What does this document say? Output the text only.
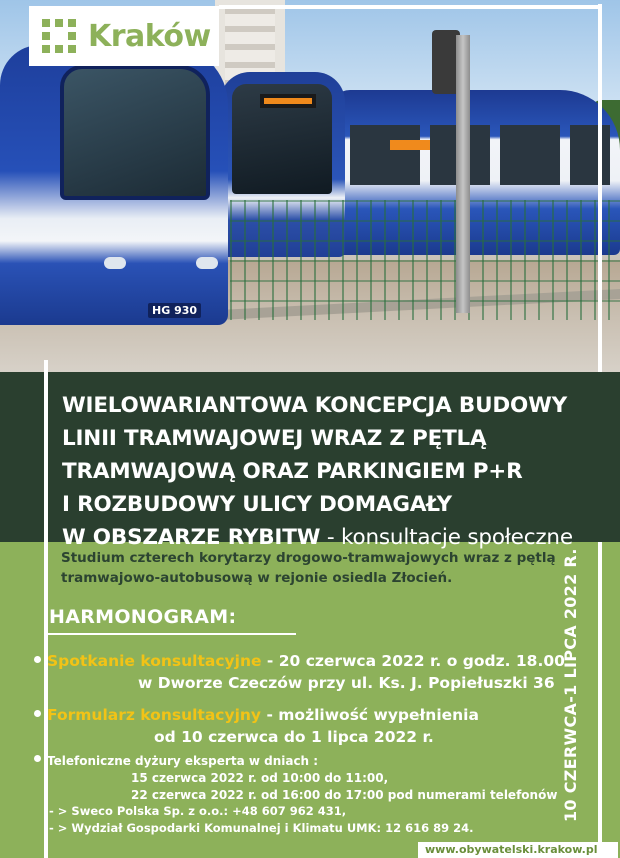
HG 930
Kraków
WIELOWARIANTOWA KONCEPCJA BUDOWY
LINII TRAMWAJOWEJ WRAZ Z PĘTLĄ
TRAMWAJOWĄ ORAZ PARKINGIEM P+R
I ROZBUDOWY ULICY DOMAGAŁY
W OBSZARZE RYBITW - konsultacje społeczne

Studium czterech korytarzy drogowo-tramwajowych wraz z pętlą
tramwajowo-autobusową w rejonie osiedla Złocień.

HARMONOGRAM:
Spotkanie konsultacyjne - 20 czerwca 2022 r. o godz. 18.00
w Dworze Czeczów przy ul. Ks. J. Popiełuszki 36
Formularz konsultacyjny - możliwość wypełnienia
od 10 czerwca do 1 lipca 2022 r.
Telefoniczne dyżury eksperta w dniach :
15 czerwca 2022 r. od 10:00 do 11:00,
22 czerwca 2022 r. od 16:00 do 17:00 pod numerami telefonów
- > Sweco Polska Sp. z o.o.: +48 607 962 431,
- > Wydział Gospodarki Komunalnej i Klimatu UMK: 12 616 89 24.
10 CZERWCA-1 LIPCA 2022 R.
www.obywatelski.krakow.pl
